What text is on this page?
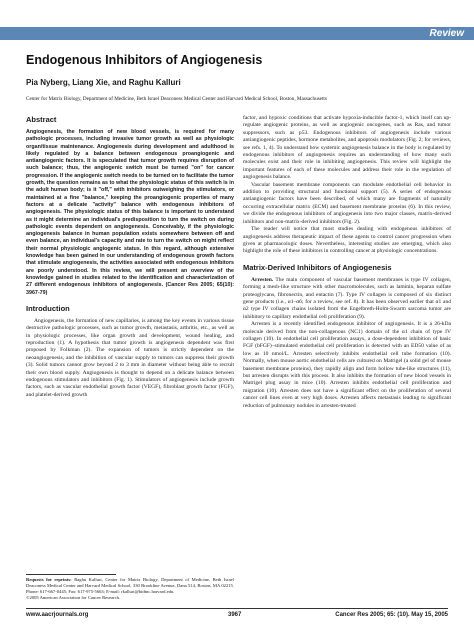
Review
Endogenous Inhibitors of Angiogenesis
Pia Nyberg, Liang Xie, and Raghu Kalluri
Center for Matrix Biology, Department of Medicine, Beth Israel Deaconess Medical Center and Harvard Medical School, Boston, Massachusetts
Abstract

Angiogenesis, the formation of new blood vessels, is required for many pathologic processes, including invasive tumor growth as well as physiologic organ/tissue maintenance. Angiogenesis during development and adulthood is likely regulated by a balance between endogenous proangiogenic and antiangiogenic factors. It is speculated that tumor growth requires disruption of such balance; thus, the angiogenic switch must be turned "on" for cancer progression. If the angiogenic switch needs to be turned on to facilitate the tumor growth, the question remains as to what the physiologic status of this switch is in the adult human body; is it "off," with inhibitors outweighing the stimulators, or maintained at a fine "balance," keeping the proangiogenic properties of many factors at a delicate "activity" balance with endogenous inhibitors of angiogenesis. The physiologic status of this balance is important to understand as it might determine an individual's predisposition to turn the switch on during pathologic events dependent on angiogenesis. Conceivably, if the physiologic angiogenesis balance in human population exists somewhere between off and even balance, an individual's capacity and rate to turn the switch on might reflect their normal physiologic angiogenic status. In this regard, although extensive knowledge has been gained in our understanding of endogenous growth factors that stimulate angiogenesis, the activities associated with endogenous inhibitors are poorly understood. In this review, we will present an overview of the knowledge gained in studies related to the identification and characterization of 27 different endogenous inhibitors of angiogenesis. (Cancer Res 2005; 65(10): 3967-79)

Introduction

Angiogenesis, the formation of new capillaries, is among the key events in various tissue destructive pathologic processes, such as tumor growth, metastasis, arthritis, etc., as well as in physiologic processes, like organ growth and development, wound healing, and reproduction (1). A hypothesis that tumor growth is angiogenesis dependent was first proposed by Folkman (2). The expansion of tumors is strictly dependent on the neoangiogenesis, and the inhibition of vascular supply to tumors can suppress their growth (3). Solid tumors cannot grow beyond 2 to 3 mm in diameter without being able to recruit their own blood supply. Angiogenesis is thought to depend on a delicate balance between endogenous stimulators and inhibitors (Fig. 1). Stimulators of angiogenesis include growth factors, such as vascular endothelial growth factor (VEGF), fibroblast growth factor (FGF), and platelet-derived growth

factor, and hypoxic conditions that activate hypoxia-inducible factor-1, which itself can up-regulate angiogenic proteins, as well as angiogenic oncogenes, such as Ras, and tumor suppressors, such as p53. Endogenous inhibitors of angiogenesis include various antiangiogenic peptides, hormone metabolites, and apoptosis modulators (Fig. 2; for reviews, see refs. 1, 4). To understand how systemic angiogenesis balance in the body is regulated by endogenous inhibitors of angiogenesis requires an understanding of how many such molecules exist and their role in inhibiting angiogenesis. This review will highlight the important features of each of these molecules and address their role in the regulation of angiogenesis balance.

Vascular basement membrane components can modulate endothelial cell behavior in addition to providing structural and functional support (5). A series of endogenous antiangiogenic factors have been described, of which many are fragments of naturally occurring extracellular matrix (ECM) and basement membrane proteins (6). In this review, we divide the endogenous inhibitors of angiogenesis into two major classes, matrix-derived inhibitors and non-matrix-derived inhibitors (Fig. 2).

The reader will notice that most studies dealing with endogenous inhibitors of angiogenesis address therapeutic impact of these agents to control cancer progression when given at pharmacologic doses. Nevertheless, interesting studies are emerging, which also highlight the role of these inhibitors in controlling cancer at physiologic concentrations.

Matrix-Derived Inhibitors of Angiogenesis

Arresten. The main component of vascular basement membranes is type IV collagen, forming a mesh-like structure with other macromolecules, such as laminin, heparan sulfate proteoglycans, fibronectin, and entactin (7). Type IV collagen is composed of six distinct gene products (i.e., α1–α6; for a review, see ref. 8). It has been observed earlier that α1 and α2 type IV collagen chains isolated from the Engelbreth-Holm-Swarm sarcoma tumor are inhibitory to capillary endothelial cell proliferation (9).

Arresten is a recently identified endogenous inhibitor of angiogenesis. It is a 26-kDa molecule derived from the non-collagenous (NC1) domain of the α1 chain of type IV collagen (10). In endothelial cell proliferation assays, a dose-dependent inhibition of basic FGF (bFGF)–stimulated endothelial cell proliferation is detected with an ED50 value of as low as 10 nmol/L. Arresten selectively inhibits endothelial cell tube formation (10). Normally, when mouse aortic endothelial cells are cultured on Matrigel (a solid gel of mouse basement membrane proteins), they rapidly align and form hollow tube-like structures (11), but arresten disrupts with this process. It also inhibits the formation of new blood vessels in Matrigel plug assay in mice (10). Arresten inhibits endothelial cell proliferation and migration (10). Arresten does not have a significant effect on the proliferation of several cancer cell lines even at very high doses. Arresten affects metastasis leading to significant reduction of pulmonary nodules in arresten-treated

Requests for reprints: Raghu Kalluri, Center for Matrix Biology, Department of Medicine, Beth Israel Deaconess Medical Center and Harvard Medical School, 330 Brookline Avenue, Dana 514, Boston, MA 02215. Phone: 617-667-0445; Fax: 617-975-5663; E-mail: rkalluri@bidmc.harvard.edu.
©2005 American Association for Cancer Research.
www.aacrjournals.org	3967	Cancer Res 2005; 65: (10). May 15, 2005
